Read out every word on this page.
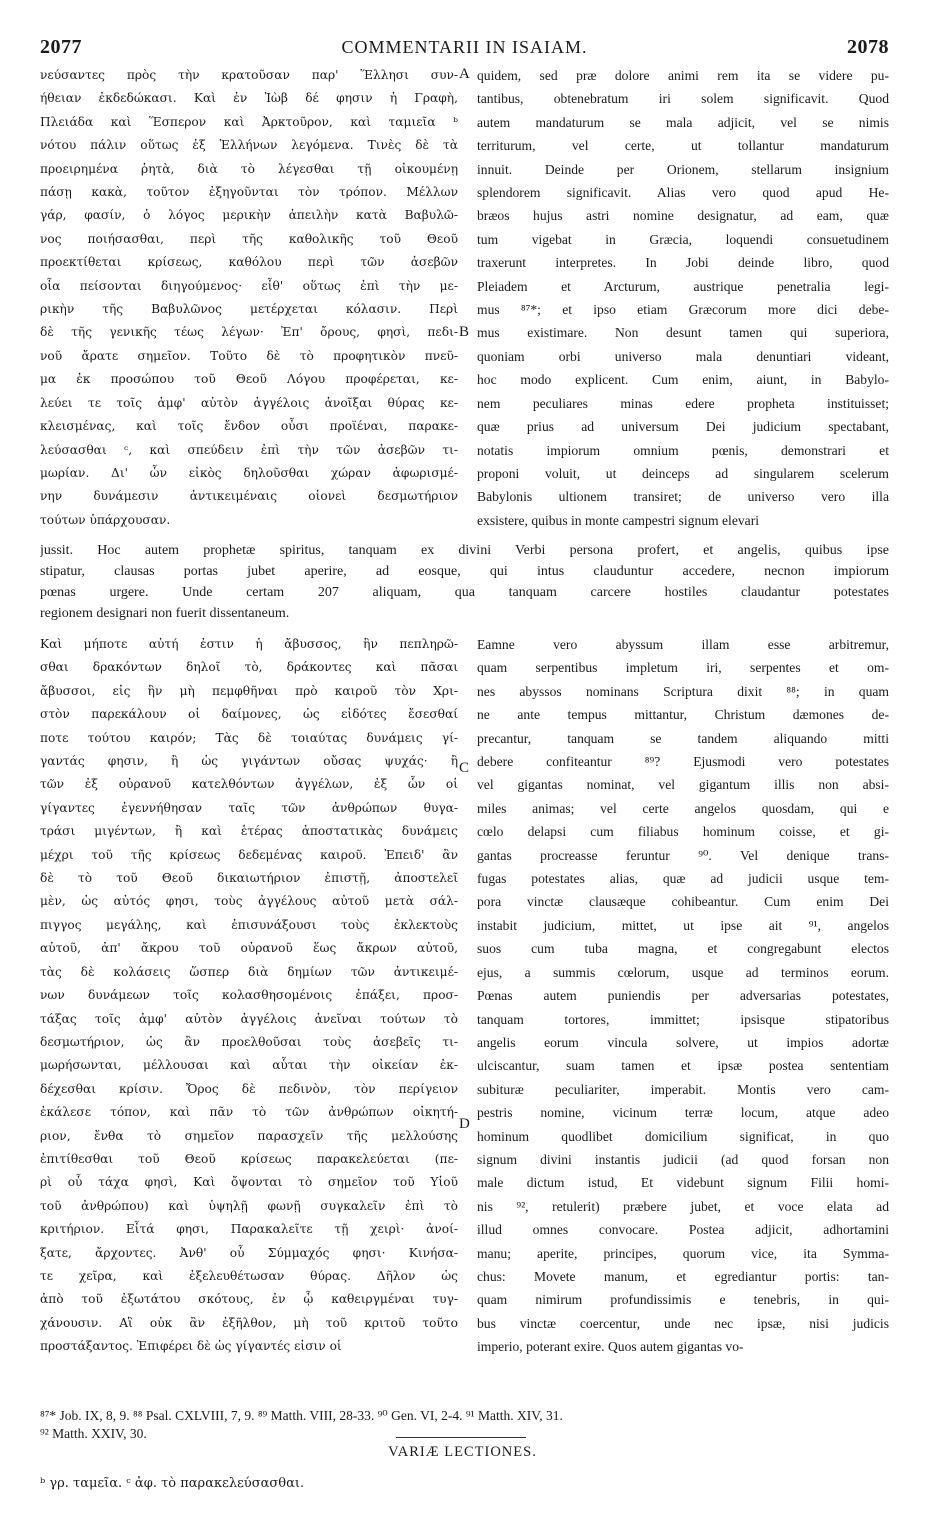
2077	COMMENTARII IN ISAIAM.	2078
νεύσαντες πρὸς τὴν κρατοῦσαν παρ' Ἕλλησι συν-
ήθειαν ἐκδεδώκασι. Καὶ ἐν Ἰὼβ δέ φησιν ἡ Γραφὴ,
Πλειάδα καὶ Ἕσπερον καὶ Ἀρκτοῦρον, καὶ ταμιεῖα ᵇ
νότου πάλιν οὕτως ἐξ Ἑλλήνων λεγόμενα. Τινὲς δὲ τὰ
προειρημένα ῥητὰ, διὰ τὸ λέγεσθαι τῇ οἰκουμένῃ
πάσῃ κακὰ, τοῦτον ἐξηγοῦνται τὸν τρόπον. Μέλλων
γάρ, φασίν, ὁ λόγος μερικὴν ἀπειλὴν κατὰ Βαβυλῶ-
νος ποιήσασθαι, περὶ τῆς καθολικῆς τοῦ Θεοῦ
προεκτίθεται κρίσεως, καθόλου περὶ τῶν ἀσεβῶν
οἷα πείσονται διηγούμενος· εἶθ' οὕτως ἐπὶ τὴν με-
ρικὴν τῆς Βαβυλῶνος μετέρχεται κόλασιν. Περὶ
δὲ τῆς γενικῆς τέως λέγων· Ἐπ' ὄρους, φησὶ, πεδι-
νοῦ ἄρατε σημεῖον. Τοῦτο δὲ τὸ προφητικὸν πνεῦ-
μα ἐκ προσώπου τοῦ Θεοῦ Λόγου προφέρεται, κε-
λεύει τε τοῖς ἀμφ' αὐτὸν ἀγγέλοις ἀνοῖξαι θύρας κε-
κλεισμένας, καὶ τοῖς ἔνδον οὖσι προϊέναι, παρακε-
λεύσασθαι ᶜ, καὶ σπεύδειν ἐπὶ τὴν τῶν ἀσεβῶν τι-
μωρίαν. Δι' ὧν εἰκὸς δηλοῦσθαι χώραν ἀφωρισμέ-
νην δυνάμεσιν ἀντικειμέναις οἱονεὶ δεσμωτήριον
τούτων ὑπάρχουσαν.
quidem, sed præ dolore animi rem ita se videre pu-
tantibus, obtenebratum iri solem significavit. Quod
autem mandaturum se mala adjicit, vel se nimis
territurum, vel certe, ut tollantur mandaturum
innuit. Deinde per Orionem, stellarum insignium
splendorem significavit. Alias vero quod apud He-
bræos hujus astri nomine designatur, ad eam, quæ
tum vigebat in Græcia, loquendi consuetudinem
traxerunt interpretes. In Jobi deinde libro, quod
Pleiadem et Arcturum, austrique penetralia legi-
mus ⁸⁷*; et ipso etiam Græcorum more dici debe-
mus existimare. Non desunt tamen qui superiora,
quoniam orbi universo mala denuntiari videant,
hoc modo explicent. Cum enim, aiunt, in Babylo-
nem peculiares minas edere propheta instituisset;
quæ prius ad universum Dei judicium spectabant,
notatis impiorum omnium pœnis, demonstrari et
proponi voluit, ut deinceps ad singularem scelerum
Babylonis ultionem transiret; de universo vero illa
exsistere, quibus in monte campestri signum elevari
A
B
C
D
jussit. Hoc autem prophetæ spiritus, tanquam ex divini Verbi persona profert, et angelis, quibus ipse
stipatur, clausas portas jubet aperire, ad eosque, qui intus clauduntur accedere, necnon impiorum
pœnas urgere. Unde certam 207 aliquam, qua tanquam carcere hostiles claudantur potestates
regionem designari non fuerit dissentaneum.
Καὶ μήποτε αὐτή ἐστιν ἡ ἄβυσσος, ἣν πεπληρῶ-
σθαι δρακόντων δηλοῖ τὸ, δράκοντες καὶ πᾶσαι
ἄβυσσοι, εἰς ἣν μὴ πεμφθῆναι πρὸ καιροῦ τὸν Χρι-
στὸν παρεκάλουν οἱ δαίμονες, ὡς εἰδότες ἔσεσθαί
ποτε τούτου καιρόν; Τὰς δὲ τοιαύτας δυνάμεις γί-
γαντάς φησιν, ἢ ὡς γιγάντων οὔσας ψυχάς· ἢ
τῶν ἐξ οὐρανοῦ κατελθόντων ἀγγέλων, ἐξ ὧν οἱ
γίγαντες ἐγεννήθησαν ταῖς τῶν ἀνθρώπων θυγα-
τράσι μιγέντων, ἢ καὶ ἑτέρας ἀποστατικὰς δυνάμεις
μέχρι τοῦ τῆς κρίσεως δεδεμένας καιροῦ. Ἐπειδ' ἂν
δὲ τὸ τοῦ Θεοῦ δικαιωτήριον ἐπιστῇ, ἀποστελεῖ
μὲν, ὡς αὐτός φησι, τοὺς ἀγγέλους αὐτοῦ μετὰ σάλ-
πιγγος μεγάλης, καὶ ἐπισυνάξουσι τοὺς ἐκλεκτοὺς
αὐτοῦ, ἀπ' ἄκρου τοῦ οὐρανοῦ ἕως ἄκρων αὐτοῦ,
τὰς δὲ κολάσεις ὥσπερ διὰ δημίων τῶν ἀντικειμέ-
νων δυνάμεων τοῖς κολασθησομένοις ἐπάξει, προσ-
τάξας τοῖς ἀμφ' αὐτὸν ἀγγέλοις ἀνεῖναι τούτων τὸ
δεσμωτήριον, ὡς ἂν προελθοῦσαι τοὺς ἀσεβεῖς τι-
μωρήσωνται, μέλλουσαι καὶ αὗται τὴν οἰκείαν ἐκ-
δέχεσθαι κρίσιν. Ὄρος δὲ πεδινὸν, τὸν περίγειον
ἐκάλεσε τόπον, καὶ πᾶν τὸ τῶν ἀνθρώπων οἰκητή-
ριον, ἔνθα τὸ σημεῖον παρασχεῖν τῆς μελλούσης
ἐπιτίθεσθαι τοῦ Θεοῦ κρίσεως παρακελεύεται (πε-
ρὶ οὗ τάχα φησὶ, Καὶ ὄψονται τὸ σημεῖον τοῦ Υἱοῦ
τοῦ ἀνθρώπου) καὶ ὑψηλῇ φωνῇ συγκαλεῖν ἐπὶ τὸ
κριτήριον. Εἶτά φησι, Παρακαλεῖτε τῇ χειρὶ· ἀνοί-
ξατε, ἄρχοντες. Ἀνθ' οὗ Σύμμαχός φησι· Κινήσα-
τε χεῖρα, καὶ ἐξελευθέτωσαν θύρας. Δῆλον ὡς
ἀπὸ τοῦ ἐξωτάτου σκότους, ἐν ᾧ καθειργμέναι τυγ-
χάνουσιν. Αἳ οὐκ ἂν ἐξῆλθον, μὴ τοῦ κριτοῦ τοῦτο
προστάξαντος. Ἐπιφέρει δὲ ὡς γίγαντές εἰσιν οἱ
Eamne vero abyssum illam esse arbitremur,
quam serpentibus impletum iri, serpentes et om-
nes abyssos nominans Scriptura dixit ⁸⁸; in quam
ne ante tempus mittantur, Christum dæmones de-
precantur, tanquam se tandem aliquando mitti
debere confiteantur ⁸⁹? Ejusmodi vero potestates
vel gigantas nominat, vel gigantum illis non absi-
miles animas; vel certe angelos quosdam, qui e
cœlo delapsi cum filiabus hominum coisse, et gi-
gantas procreasse feruntur ⁹⁰. Vel denique trans-
fugas potestates alias, quæ ad judicii usque tem-
pora vinctæ clausæque cohibeantur. Cum enim Dei
instabit judicium, mittet, ut ipse ait ⁹¹, angelos
suos cum tuba magna, et congregabunt electos
ejus, a summis cœlorum, usque ad terminos eorum.
Pœnas autem puniendis per adversarias potestates,
tanquam tortores, immittet; ipsisque stipatoribus
angelis eorum vincula solvere, ut impios adortæ
ulciscantur, suam tamen et ipsæ postea sententiam
subituræ peculiariter, imperabit. Montis vero cam-
pestris nomine, vicinum terræ locum, atque adeo
hominum quodlibet domicilium significat, in quo
signum divini instantis judicii (ad quod forsan non
male dictum istud, Et videbunt signum Filii homi-
nis ⁹², retulerit) præbere jubet, et voce elata ad
illud omnes convocare. Postea adjicit, adhortamini
manu; aperite, principes, quorum vice, ita Symma-
chus: Movete manum, et egrediantur portis: tan-
quam nimirum profundissimis e tenebris, in qui-
bus vinctæ coercentur, unde nec ipsæ, nisi judicis
imperio, poterant exire. Quos autem gigantas vo-
⁸⁷* Job. IX, 8, 9. ⁸⁸ Psal. CXLVIII, 7, 9. ⁸⁹ Matth. VIII, 28-33. ⁹⁰ Gen. VI, 2-4. ⁹¹ Matth. XIV, 31.
⁹² Matth. XXIV, 30.
VARIÆ LECTIONES.
ᵇ γρ. ταμεῖα. ᶜ ἀφ. τὸ παρακελεύσασθαι.
